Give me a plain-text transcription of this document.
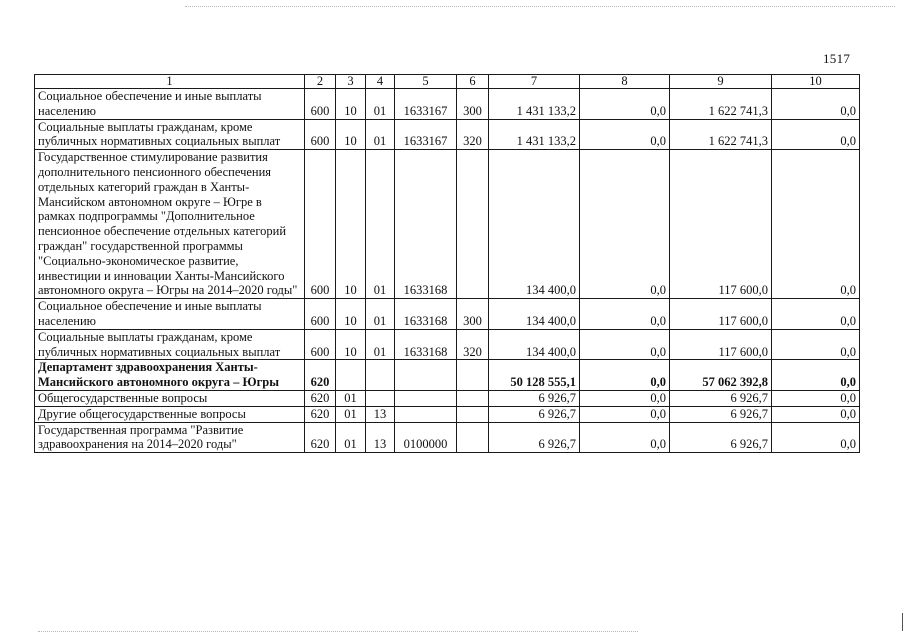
1517
1	2	3	4	5	6	7	8	9	10
Социальное обеспечение и иные выплаты населению	600	10	01	1633167	300	1 431 133,2	0,0	1 622 741,3	0,0
Социальные выплаты гражданам, кроме публичных нормативных социальных выплат	600	10	01	1633167	320	1 431 133,2	0,0	1 622 741,3	0,0
Государственное стимулирование развития дополнительного пенсионного обеспечения отдельных категорий граждан в Ханты-Мансийском автономном округе – Югре в рамках подпрограммы "Дополнительное пенсионное обеспечение отдельных категорий граждан" государственной программы "Социально-экономическое развитие, инвестиции и инновации Ханты-Мансийского автономного округа – Югры на 2014–2020 годы"	600	10	01	1633168		134 400,0	0,0	117 600,0	0,0
Социальное обеспечение и иные выплаты населению	600	10	01	1633168	300	134 400,0	0,0	117 600,0	0,0
Социальные выплаты гражданам, кроме публичных нормативных социальных выплат	600	10	01	1633168	320	134 400,0	0,0	117 600,0	0,0
Департамент здравоохранения Ханты-Мансийского автономного округа – Югры	620					50 128 555,1	0,0	57 062 392,8	0,0
Общегосударственные вопросы	620	01				6 926,7	0,0	6 926,7	0,0
Другие общегосударственные вопросы	620	01	13			6 926,7	0,0	6 926,7	0,0
Государственная программа "Развитие здравоохранения на 2014–2020 годы"	620	01	13	0100000		6 926,7	0,0	6 926,7	0,0
